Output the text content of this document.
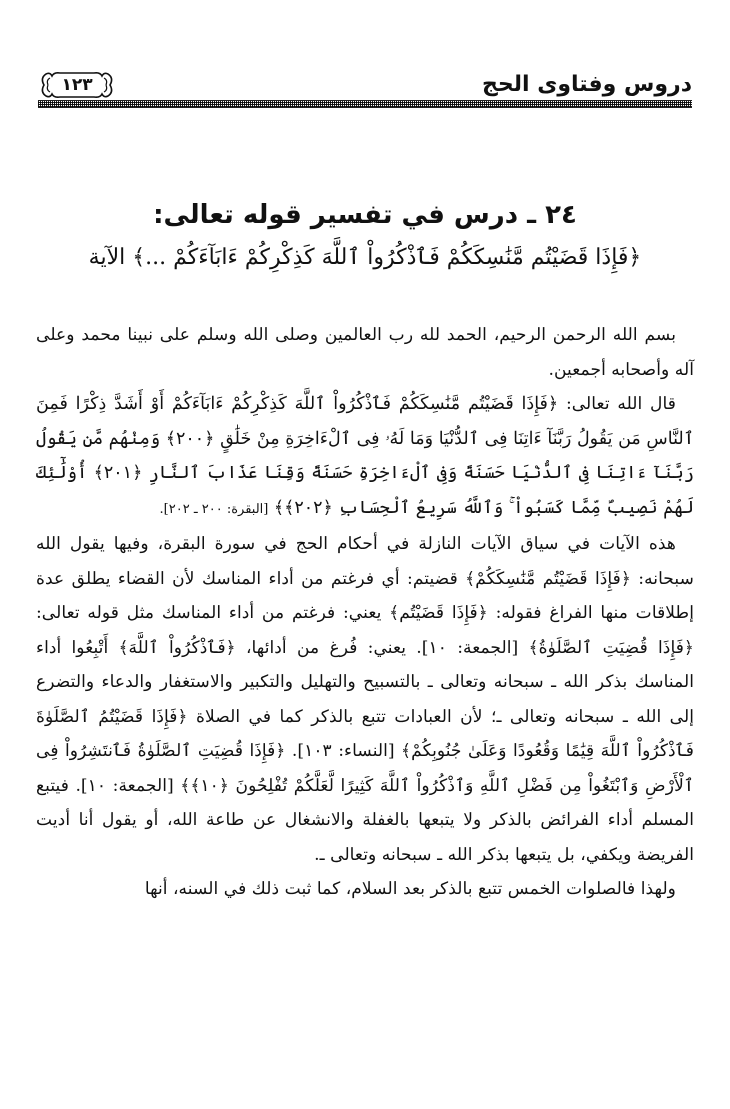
دروس وفتاوى الحج
١٢٣
٢٤ ـ درس في تفسير قوله تعالى:
﴿فَإِذَا قَضَيْتُم مَّنَٰسِكَكُمْ فَٱذْكُرُواْ ٱللَّهَ كَذِكْرِكُمْ ءَابَآءَكُمْ ...﴾ الآية

بسم الله الرحمن الرحيم، الحمد لله رب العالمين وصلى الله وسلم على نبينا محمد وعلى آله وأصحابه أجمعين.

قال الله تعالى: ﴿فَإِذَا قَضَيْتُم مَّنَٰسِكَكُمْ فَٱذْكُرُواْ ٱللَّهَ كَذِكْرِكُمْ ءَابَآءَكُمْ أَوْ أَشَدَّ ذِكْرًا فَمِنَ ٱلنَّاسِ مَن يَقُولُ رَبَّنَآ ءَاتِنَا فِى ٱلدُّنْيَا وَمَا لَهُۥ فِى ٱلْءَاخِرَةِ مِنْ خَلَٰقٍ ﴿٢٠٠﴾ وَمِنْهُم مَّن يَقُولُ رَبَّنَآ ءَاتِنَا فِى ٱلدُّنْيَا حَسَنَةً وَفِى ٱلْءَاخِرَةِ حَسَنَةً وَقِنَا عَذَابَ ٱلنَّارِ ﴿٢٠١﴾ أُوْلَٰٓئِكَ لَهُمْ نَصِيبٌ مِّمَّا كَسَبُواْ ۚ وَٱللَّهُ سَرِيعُ ٱلْحِسَابِ ﴿٢٠٢﴾﴾ [البقرة: ٢٠٠ ـ ٢٠٢].

هذه الآيات في سياق الآيات النازلة في أحكام الحج في سورة البقرة، وفيها يقول الله سبحانه: ﴿فَإِذَا قَضَيْتُم مَّنَٰسِكَكُمْ﴾ قضيتم: أي فرغتم من أداء المناسك لأن القضاء يطلق عدة إطلاقات منها الفراغ فقوله: ﴿فَإِذَا قَضَيْتُم﴾ يعني: فرغتم من أداء المناسك مثل قوله تعالى: ﴿فَإِذَا قُضِيَتِ ٱلصَّلَوٰةُ﴾ [الجمعة: ١٠]. يعني: فُرغ من أدائها، ﴿فَٱذْكُرُواْ ٱللَّهَ﴾ أَتْبِعُوا أداء المناسك بذكر الله ـ سبحانه وتعالى ـ بالتسبيح والتهليل والتكبير والاستغفار والدعاء والتضرع إلى الله ـ سبحانه وتعالى ـ؛ لأن العبادات تتبع بالذكر كما في الصلاة ﴿فَإِذَا قَضَيْتُمُ ٱلصَّلَوٰةَ فَٱذْكُرُواْ ٱللَّهَ قِيَٰمًا وَقُعُودًا وَعَلَىٰ جُنُوبِكُمْ﴾ [النساء: ١٠٣]. ﴿فَإِذَا قُضِيَتِ ٱلصَّلَوٰةُ فَٱنتَشِرُواْ فِى ٱلْأَرْضِ وَٱبْتَغُواْ مِن فَضْلِ ٱللَّهِ وَٱذْكُرُواْ ٱللَّهَ كَثِيرًا لَّعَلَّكُمْ تُفْلِحُونَ ﴿١٠﴾﴾ [الجمعة: ١٠]. فيتبع المسلم أداء الفرائض بالذكر ولا يتبعها بالغفلة والانشغال عن طاعة الله، أو يقول أنا أديت الفريضة ويكفي، بل يتبعها بذكر الله ـ سبحانه وتعالى ـ.

ولهذا فالصلوات الخمس تتبع بالذكر بعد السلام، كما ثبت ذلك في السنه، أنها
